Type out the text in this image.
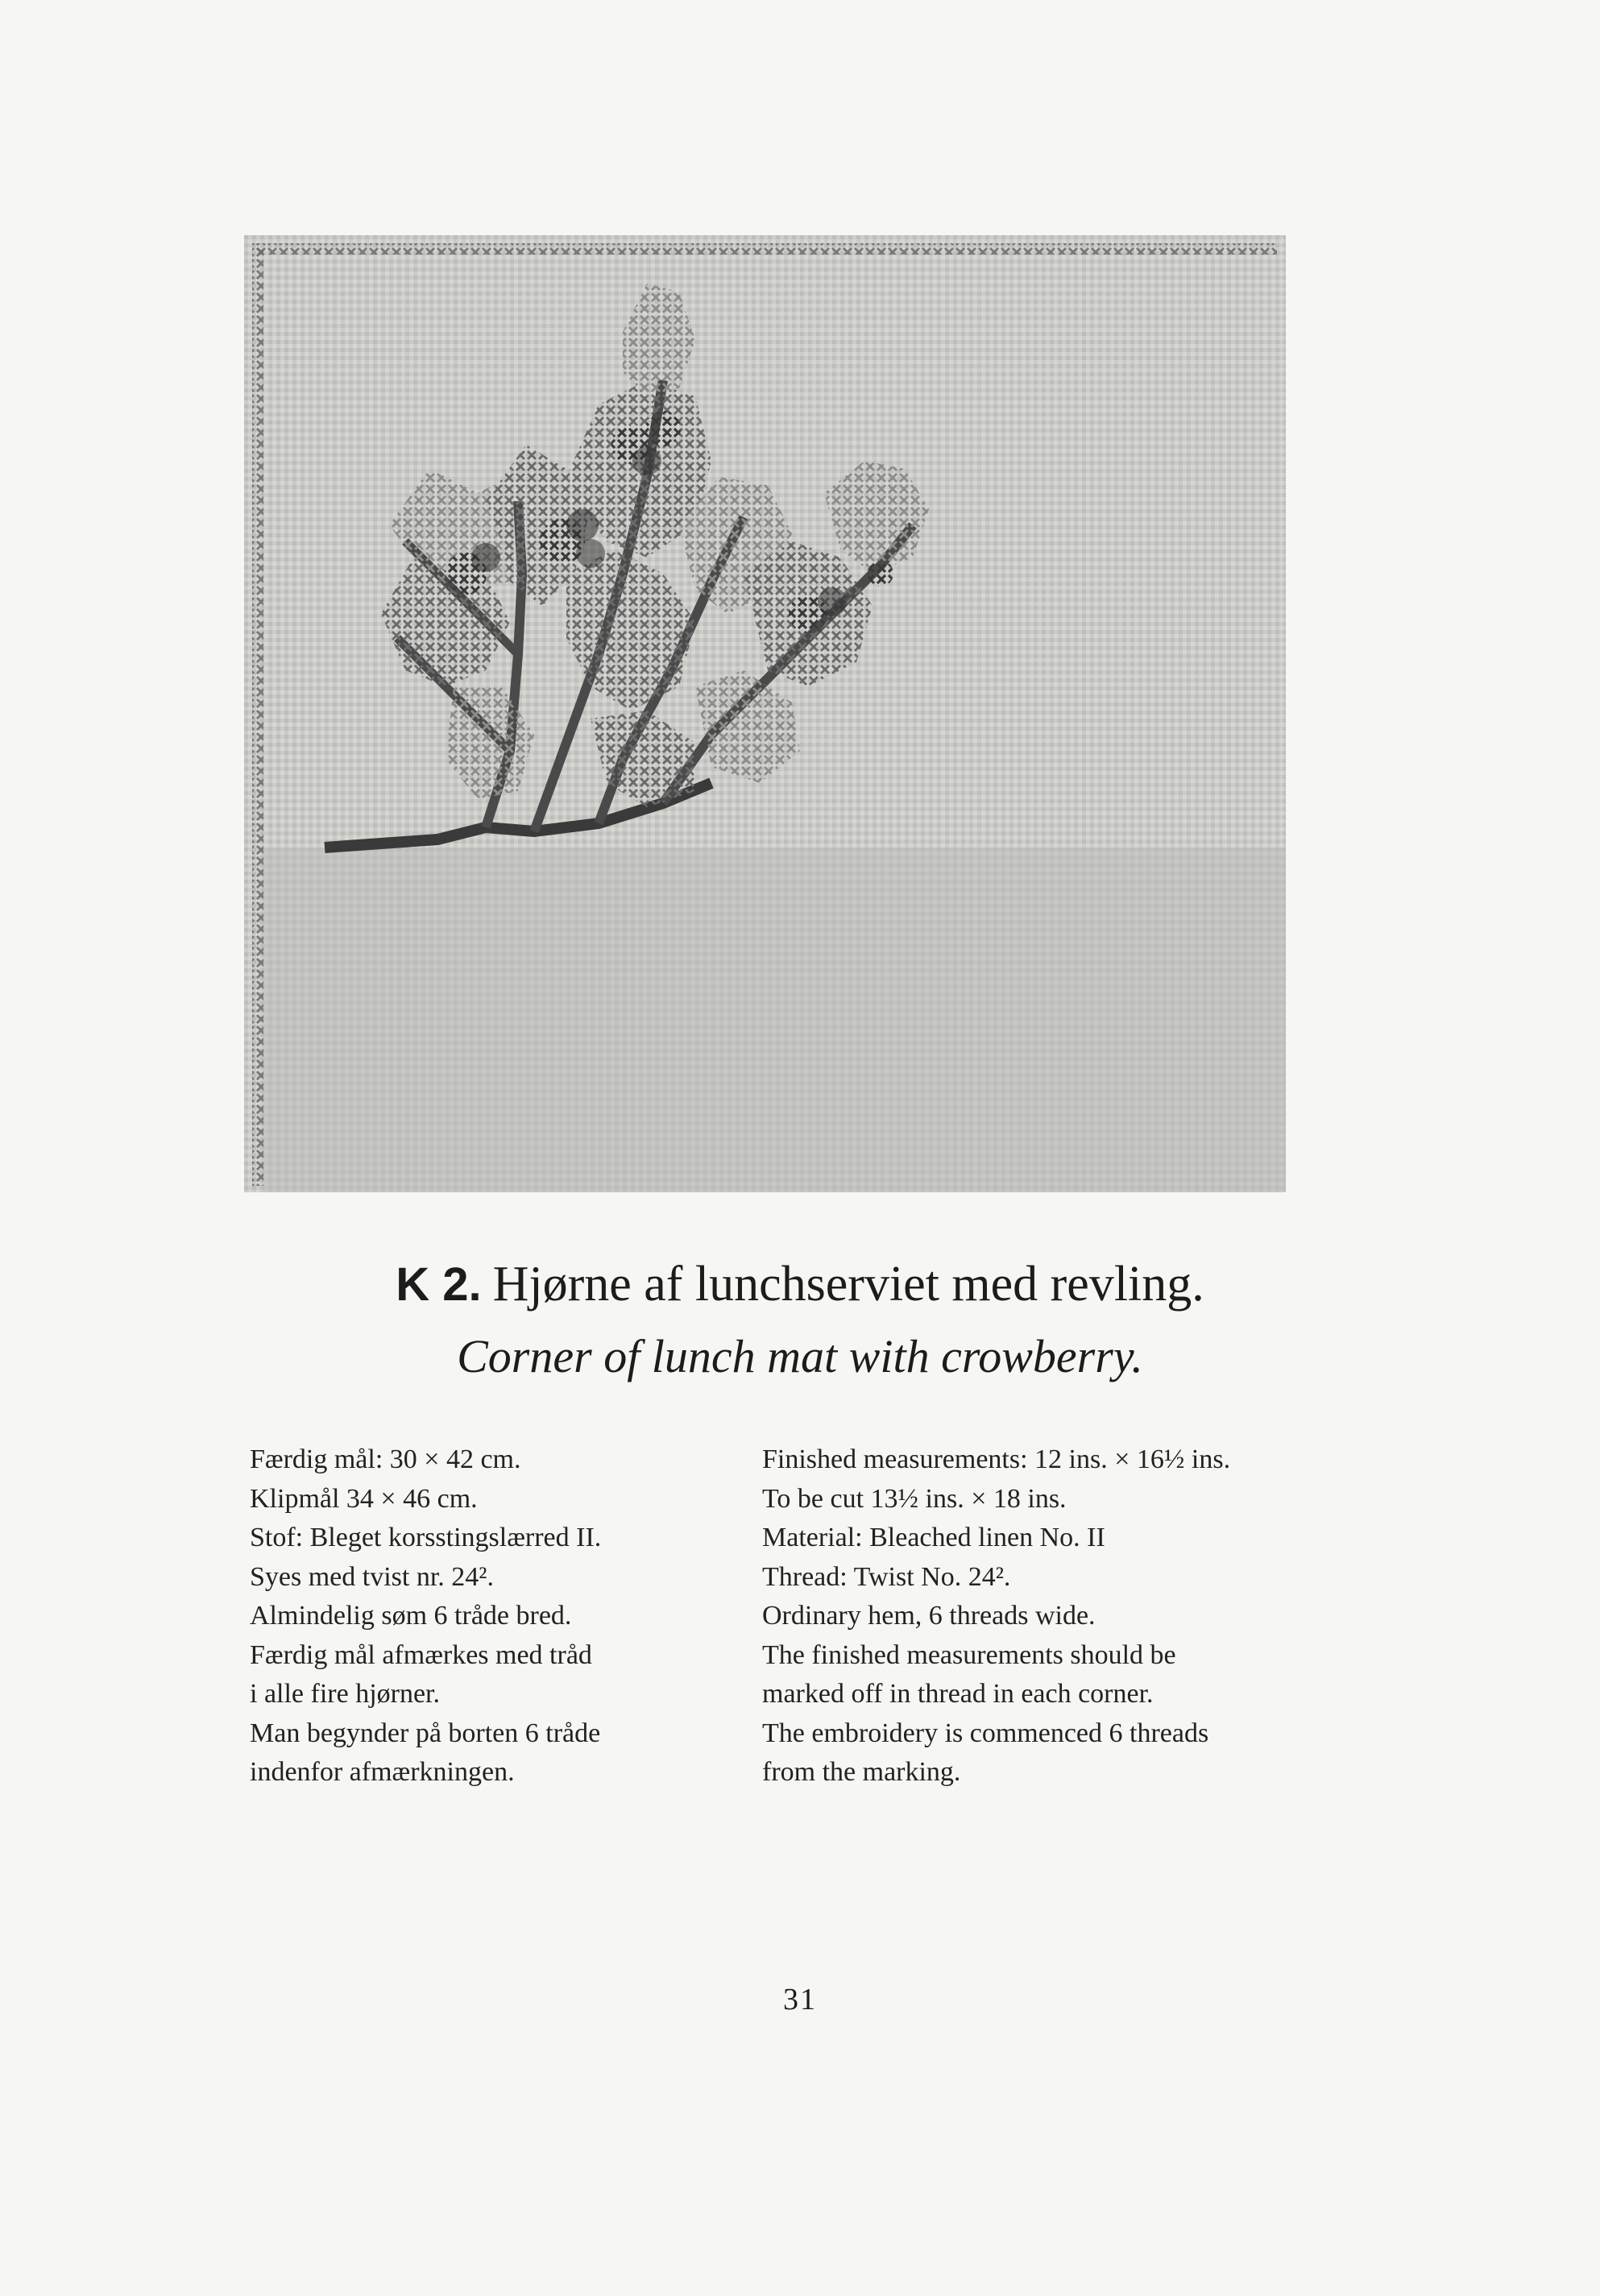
K 2. Hjørne af lunchserviet med revling.
Corner of lunch mat with crowberry.
Færdig mål: 30 × 42 cm.
Klipmål 34 × 46 cm.
Stof: Bleget korsstingslærred II.
Syes med tvist nr. 24².
Almindelig søm 6 tråde bred.
Færdig mål afmærkes med tråd
i alle fire hjørner.
Man begynder på borten 6 tråde
indenfor afmærkningen.
Finished measurements: 12 ins. × 16½ ins.
To be cut 13½ ins. × 18 ins.
Material: Bleached linen No. II
Thread: Twist No. 24².
Ordinary hem, 6 threads wide.
The finished measurements should be
marked off in thread in each corner.
The embroidery is commenced 6 threads
from the marking.
31
